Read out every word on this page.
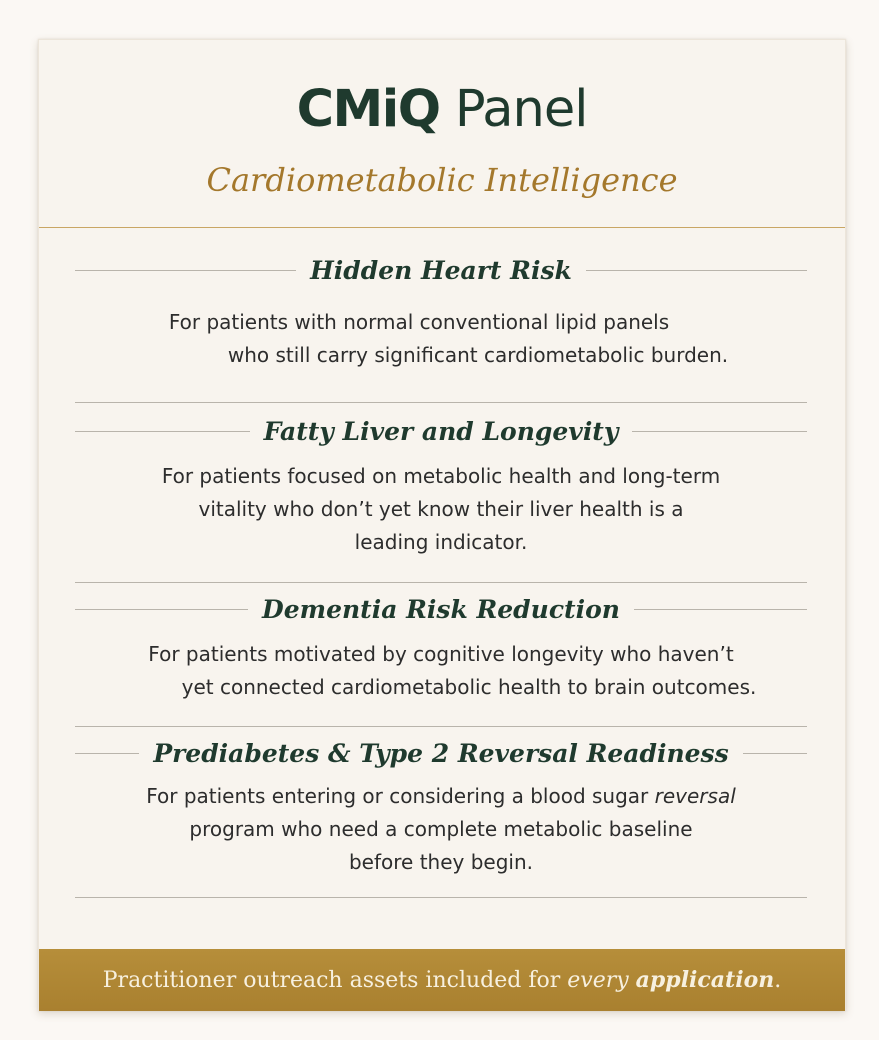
CMiQ Panel
Cardiometabolic Intelligence
Hidden Heart Risk
For patients with normal conventional lipid panels
who still carry significant cardiometabolic burden.
Fatty Liver and Longevity
For patients focused on metabolic health and long-term
vitality who don’t yet know their liver health is a
leading indicator.
Dementia Risk Reduction
For patients motivated by cognitive longevity who haven’t
yet connected cardiometabolic health to brain outcomes.
Prediabetes & Type 2 Reversal Readiness
For patients entering or considering a blood sugar reversal
program who need a complete metabolic baseline
before they begin.
Practitioner outreach assets included for every application .
